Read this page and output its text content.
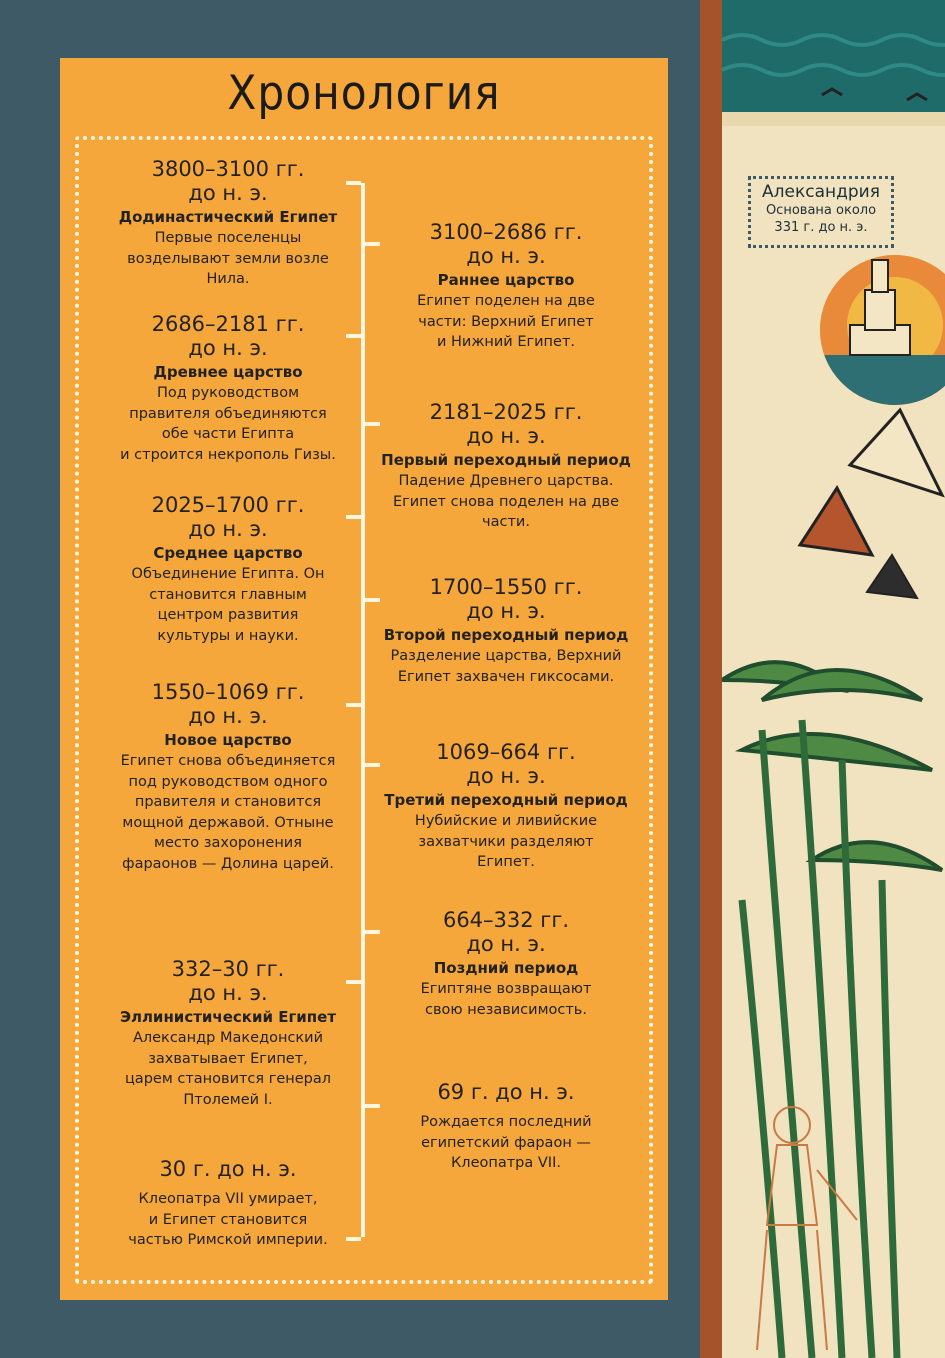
Хронология
Александрия
Основана около
331 г. до н. э.
3800–3100 гг.
до н. э.
Додинастический Египет
Первые поселенцы
возделывают земли возле
Нила.
2686–2181 гг.
до н. э.
Древнее царство
Под руководством
правителя объединяются
обе части Египта
и строится некрополь Гизы.
2025–1700 гг.
до н. э.
Среднее царство
Объединение Египта. Он
становится главным
центром развития
культуры и науки.
1550–1069 гг.
до н. э.
Новое царство
Египет снова объединяется
под руководством одного
правителя и становится
мощной державой. Отныне
место захоронения
фараонов — Долина царей.
332–30 гг.
до н. э.
Эллинистический Египет
Александр Македонский
захватывает Египет,
царем становится генерал
Птолемей I.
30 г. до н. э.
Клеопатра VII умирает,
и Египет становится
частью Римской империи.
3100–2686 гг.
до н. э.
Раннее царство
Египет поделен на две
части: Верхний Египет
и Нижний Египет.
2181–2025 гг.
до н. э.
Первый переходный период
Падение Древнего царства.
Египет снова поделен на две
части.
1700–1550 гг.
до н. э.
Второй переходный период
Разделение царства, Верхний
Египет захвачен гиксосами.
1069–664 гг.
до н. э.
Третий переходный период
Нубийские и ливийские
захватчики разделяют
Египет.
664–332 гг.
до н. э.
Поздний период
Египтяне возвращают
свою независимость.
69 г. до н. э.
Рождается последний
египетский фараон —
Клеопатра VII.
